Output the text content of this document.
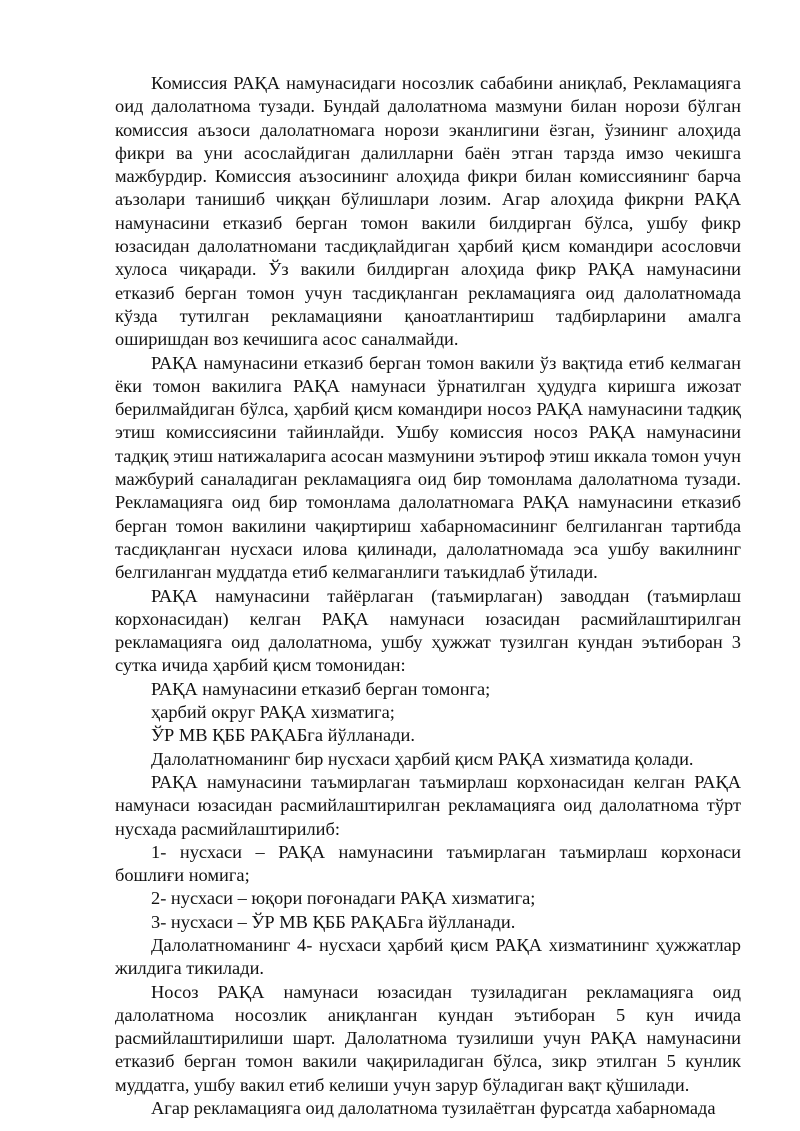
Комиссия РАҚА намунасидаги носозлик сабабини аниқлаб, Рекламацияга оид далолатнома тузади. Бундай далолатнома мазмуни билан норози бўлган комиссия аъзоси далолатномага норози эканлигини ёзган, ўзининг алоҳида фикри ва уни асослайдиган далилларни баён этган тарзда имзо чекишга мажбурдир. Комиссия аъзосининг алоҳида фикри билан комиссиянинг барча аъзолари танишиб чиққан бўлишлари лозим. Агар алоҳида фикрни РАҚА намунасини етказиб берган томон вакили билдирган бўлса, ушбу фикр юзасидан далолатномани тасдиқлайдиган ҳарбий қисм командири асословчи хулоса чиқаради. Ўз вакили билдирган алоҳида фикр РАҚА намунасини етказиб берган томон учун тасдиқланган рекламацияга оид далолатномада кўзда тутилган рекламацияни қаноатлантириш тадбирларини амалга оширишдан воз кечишига асос саналмайди.

РАҚА намунасини етказиб берган томон вакили ўз вақтида етиб келмаган ёки томон вакилига РАҚА намунаси ўрнатилган ҳудудга киришга ижозат берилмайдиган бўлса, ҳарбий қисм командири носоз РАҚА намунасини тадқиқ этиш комиссиясини тайинлайди. Ушбу комиссия носоз РАҚА намунасини тадқиқ этиш натижаларига асосан мазмунини эътироф этиш иккала томон учун мажбурий саналадиган рекламацияга оид бир томонлама далолатнома тузади. Рекламацияга оид бир томонлама далолатномага РАҚА намунасини етказиб берган томон вакилини чақиртириш хабарномасининг белгиланган тартибда тасдиқланган нусхаси илова қилинади, далолатномада эса ушбу вакилнинг белгиланган муддатда етиб келмаганлиги таъкидлаб ўтилади.

РАҚА намунасини тайёрлаган (таъмирлаган) заводдан (таъмирлаш корхонасидан) келган РАҚА намунаси юзасидан расмийлаштирилган рекламацияга оид далолатнома, ушбу ҳужжат тузилган кундан эътиборан 3 сутка ичида ҳарбий қисм томонидан:

РАҚА намунасини етказиб берган томонга;

ҳарбий округ РАҚА хизматига;

ЎР МВ ҚББ РАҚАБга йўлланади.

Далолатноманинг бир нусхаси ҳарбий қисм РАҚА хизматида қолади.

РАҚА намунасини таъмирлаган таъмирлаш корхонасидан келган РАҚА намунаси юзасидан расмийлаштирилган рекламацияга оид далолатнома тўрт нусхада расмийлаштирилиб:

1- нусхаси – РАҚА намунасини таъмирлаган таъмирлаш корхонаси бошлиғи номига;

2- нусхаси – юқори поғонадаги РАҚА хизматига;

3- нусхаси – ЎР МВ ҚББ РАҚАБга йўлланади.

Далолатноманинг 4- нусхаси ҳарбий қисм РАҚА хизматининг ҳужжатлар жилдига тикилади.

Носоз РАҚА намунаси юзасидан тузиладиган рекламацияга оид далолатнома носозлик аниқланган кундан эътиборан 5 кун ичида расмийлаштирилиши шарт. Далолатнома тузилиши учун РАҚА намунасини етказиб берган томон вакили чақириладиган бўлса, зикр этилган 5 кунлик муддатга, ушбу вакил етиб келиши учун зарур бўладиган вақт қўшилади.

Агар рекламацияга оид далолатнома тузилаётган фурсатда хабарномада
